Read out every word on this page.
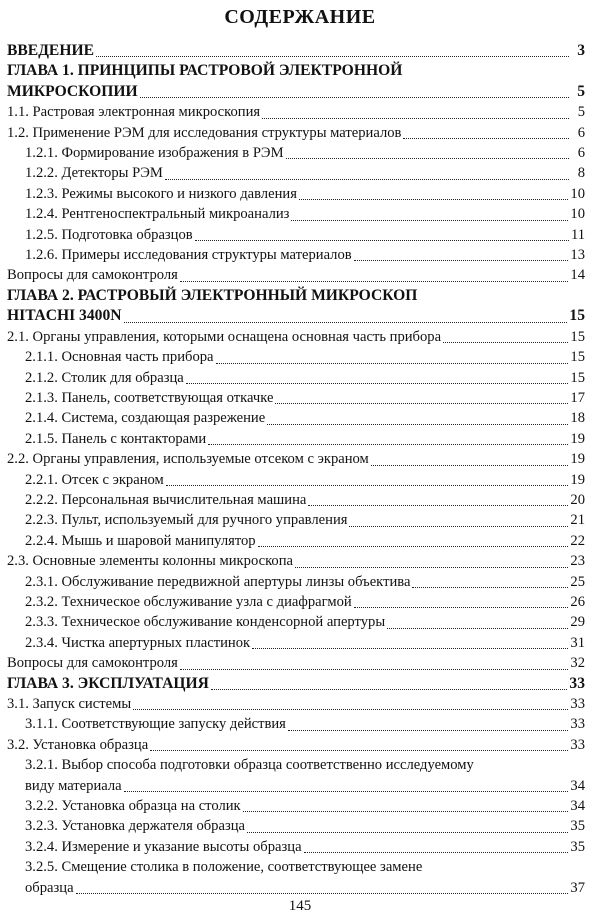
СОДЕРЖАНИЕ
ВВЕДЕНИЕ	3
ГЛАВА 1. ПРИНЦИПЫ РАСТРОВОЙ ЭЛЕКТРОННОЙ
МИКРОСКОПИИ	5
1.1. Растровая электронная микроскопия	5
1.2. Применение РЭМ для исследования структуры материалов	6
1.2.1. Формирование изображения в РЭМ	6
1.2.2. Детекторы РЭМ	8
1.2.3. Режимы высокого и низкого давления	10
1.2.4. Рентгеноспектральный микроанализ	10
1.2.5. Подготовка образцов	11
1.2.6. Примеры исследования структуры материалов	13
Вопросы для самоконтроля	14
ГЛАВА 2. РАСТРОВЫЙ ЭЛЕКТРОННЫЙ МИКРОСКОП
HITACHI 3400N	15
2.1. Органы управления, которыми оснащена основная часть прибора	15
2.1.1. Основная часть прибора	15
2.1.2. Столик для образца	15
2.1.3. Панель, соответствующая откачке	17
2.1.4. Система, создающая разрежение	18
2.1.5. Панель с контакторами	19
2.2. Органы управления, используемые отсеком с экраном	19
2.2.1. Отсек с экраном	19
2.2.2. Персональная вычислительная машина	20
2.2.3. Пульт, используемый для ручного управления	21
2.2.4. Мышь и шаровой манипулятор	22
2.3. Основные элементы колонны микроскопа	23
2.3.1. Обслуживание передвижной апертуры линзы объектива	25
2.3.2. Техническое обслуживание узла с диафрагмой	26
2.3.3. Техническое обслуживание конденсорной апертуры	29
2.3.4. Чистка апертурных пластинок	31
Вопросы для самоконтроля	32
ГЛАВА 3. ЭКСПЛУАТАЦИЯ	33
3.1. Запуск системы	33
3.1.1. Соответствующие запуску действия	33
3.2. Установка образца	33
3.2.1. Выбор способа подготовки образца соответственно исследуемому
виду материала	34
3.2.2. Установка образца на столик	34
3.2.3. Установка держателя образца	35
3.2.4. Измерение и указание высоты образца	35
3.2.5. Смещение столика в положение, соответствующее замене
образца	37
145
